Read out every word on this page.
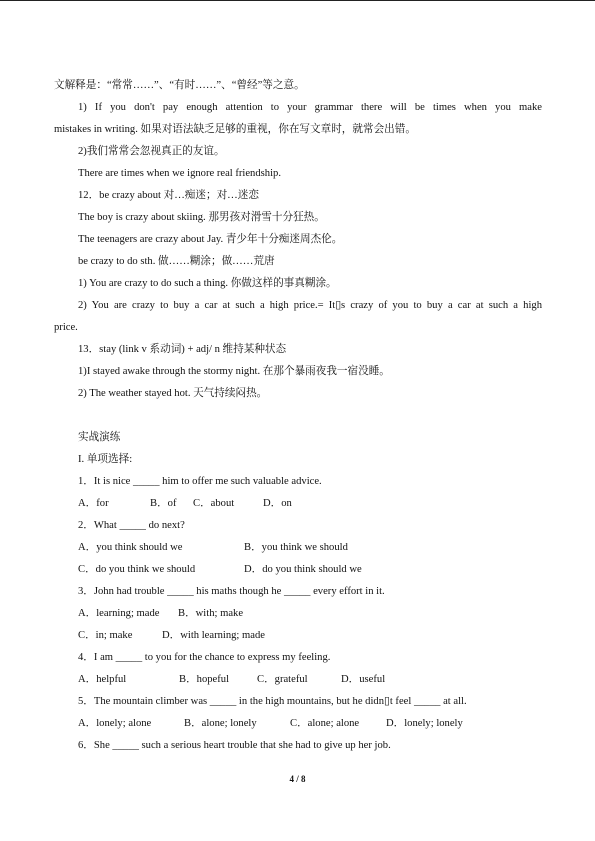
文解释是：“常常……”、“有时……”、“曾经”等之意。
1) If you don't pay enough attention to your grammar there will be times when you make
mistakes in writing. 如果对语法缺乏足够的重视，你在写文章时，就常会出错。
2)我们常常会忽视真正的友谊。
There are times when we ignore real friendship.
12．be crazy about 对…痴迷；对…迷恋
The boy is crazy about skiing. 那男孩对滑雪十分狂热。
The teenagers are crazy about Jay. 青少年十分痴迷周杰伦。
be crazy to do sth. 做……糊涂；做……荒唐
1) You are crazy to do such a thing. 你做这样的事真糊涂。
2) You are crazy to buy a car at such a high price.= It▯s crazy of you to buy a car at such a high
price.
13．stay (link v 系动词) + adj/ n 维持某种状态
1)I stayed awake through the stormy night. 在那个暴雨夜我一宿没睡。
2) The weather stayed hot. 天气持续闷热。
实战演练
I. 单项选择:
1．It is nice _____ him to offer me such valuable advice.
A．for	B．of C．about	D．on
2．What _____ do next?
A．you think should we	B．you think we should
C．do you think we should	D．do you think should we
3．John had trouble _____ his maths though he _____ every effort in it.
A．learning; made B．with; make
C．in; make	D．with learning; made
4．I am _____ to you for the chance to express my feeling.
A．helpful	B．hopeful	C．grateful	D．useful
5．The mountain climber was _____ in the high mountains, but he didn▯t feel _____ at all.
A．lonely; alone	B．alone; lonely	C．alone; alone	D．lonely; lonely
6．She _____ such a serious heart trouble that she had to give up her job.
4 / 8
